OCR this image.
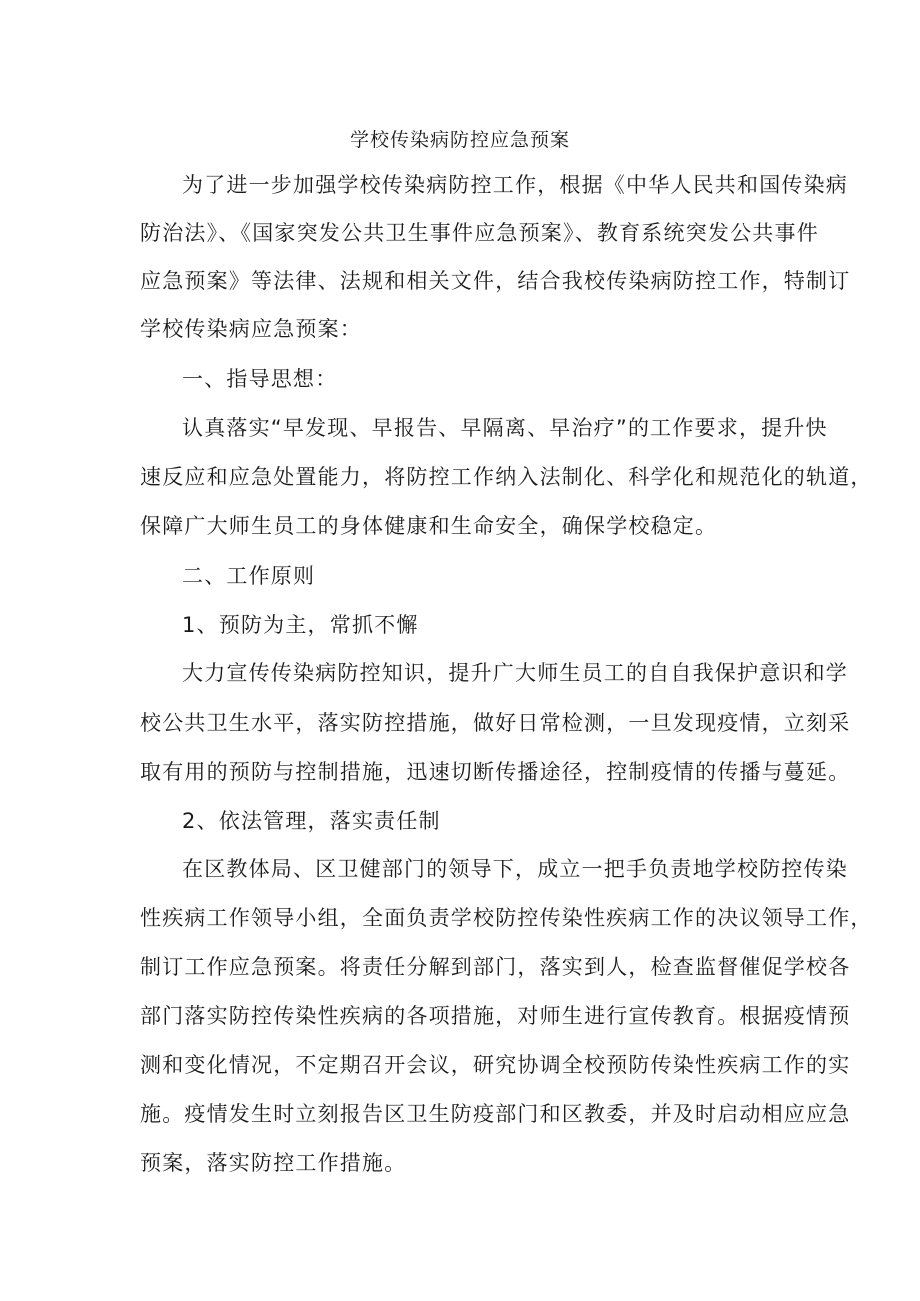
学校传染病防控应急预案
为了进一步加强学校传染病防控工作，根据《中华人民共和国传染病
防治法》、《国家突发公共卫生事件应急预案》、教育系统突发公共事件
应急预案》等法律、法规和相关文件，结合我校传染病防控工作，特制订
学校传染病应急预案：
一、指导思想：
认真落实“早发现、早报告、早隔离、早治疗”的工作要求，提升快
速反应和应急处置能力，将防控工作纳入法制化、科学化和规范化的轨道，
保障广大师生员工的身体健康和生命安全，确保学校稳定。
二、工作原则
1、预防为主，常抓不懈
大力宣传传染病防控知识，提升广大师生员工的自自我保护意识和学
校公共卫生水平，落实防控措施，做好日常检测，一旦发现疫情，立刻采
取有用的预防与控制措施，迅速切断传播途径，控制疫情的传播与蔓延。
2、依法管理，落实责任制
在区教体局、区卫健部门的领导下，成立一把手负责地学校防控传染
性疾病工作领导小组，全面负责学校防控传染性疾病工作的决议领导工作，
制订工作应急预案。将责任分解到部门，落实到人，检查监督催促学校各
部门落实防控传染性疾病的各项措施，对师生进行宣传教育。根据疫情预
测和变化情况，不定期召开会议，研究协调全校预防传染性疾病工作的实
施。疫情发生时立刻报告区卫生防疫部门和区教委，并及时启动相应应急
预案，落实防控工作措施。
